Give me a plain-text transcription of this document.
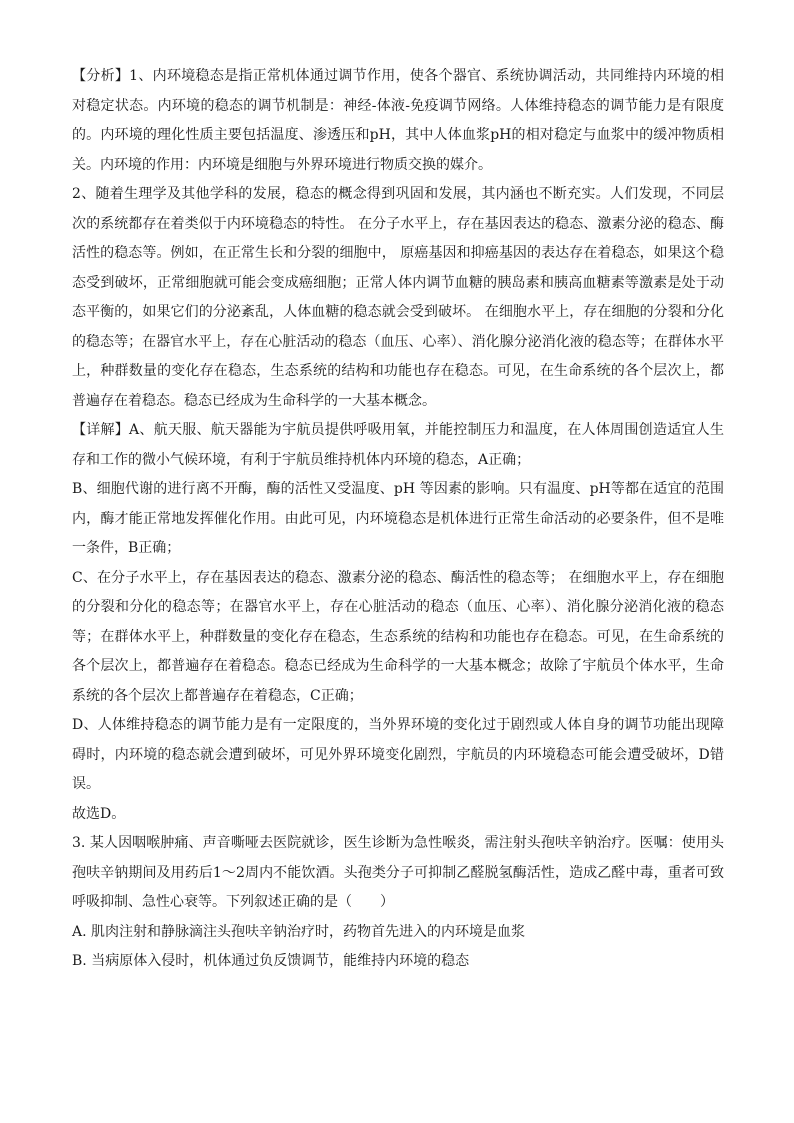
【分析】1、内环境稳态是指正常机体通过调节作用，使各个器官、系统协调活动，共同维持内环境的相对稳定状态。内环境的稳态的调节机制是：神经-体液-免疫调节网络。人体维持稳态的调节能力是有限度的。内环境的理化性质主要包括温度、渗透压和pH，其中人体血浆pH的相对稳定与血浆中的缓冲物质相关。内环境的作用：内环境是细胞与外界环境进行物质交换的媒介。

2、随着生理学及其他学科的发展，稳态的概念得到巩固和发展，其内涵也不断充实。人们发现，不同层次的系统都存在着类似于内环境稳态的特性。 在分子水平上，存在基因表达的稳态、激素分泌的稳态、酶活性的稳态等。例如，在正常生长和分裂的细胞中， 原癌基因和抑癌基因的表达存在着稳态，如果这个稳态受到破坏，正常细胞就可能会变成癌细胞；正常人体内调节血糖的胰岛素和胰高血糖素等激素是处于动态平衡的，如果它们的分泌紊乱，人体血糖的稳态就会受到破坏。 在细胞水平上，存在细胞的分裂和分化的稳态等；在器官水平上，存在心脏活动的稳态（血压、心率）、消化腺分泌消化液的稳态等；在群体水平上，种群数量的变化存在稳态，生态系统的结构和功能也存在稳态。可见，在生命系统的各个层次上，都普遍存在着稳态。稳态已经成为生命科学的一大基本概念。

【详解】A、航天服、航天器能为宇航员提供呼吸用氧，并能控制压力和温度，在人体周围创造适宜人生存和工作的微小气候环境，有利于宇航员维持机体内环境的稳态，A正确；

B、细胞代谢的进行离不开酶，酶的活性又受温度、pH 等因素的影响。只有温度、pH等都在适宜的范围内，酶才能正常地发挥催化作用。由此可见，内环境稳态是机体进行正常生命活动的必要条件，但不是唯一条件，B正确；

C、在分子水平上，存在基因表达的稳态、激素分泌的稳态、酶活性的稳态等； 在细胞水平上，存在细胞的分裂和分化的稳态等；在器官水平上，存在心脏活动的稳态（血压、心率）、消化腺分泌消化液的稳态等；在群体水平上，种群数量的变化存在稳态，生态系统的结构和功能也存在稳态。可见，在生命系统的各个层次上，都普遍存在着稳态。稳态已经成为生命科学的一大基本概念；故除了宇航员个体水平，生命系统的各个层次上都普遍存在着稳态，C正确；

D、人体维持稳态的调节能力是有一定限度的，当外界环境的变化过于剧烈或人体自身的调节功能出现障碍时，内环境的稳态就会遭到破坏，可见外界环境变化剧烈，宇航员的内环境稳态可能会遭受破坏，D错误。

故选D。

3. 某人因咽喉肿痛、声音嘶哑去医院就诊，医生诊断为急性喉炎，需注射头孢呋辛钠治疗。医嘱：使用头孢呋辛钠期间及用药后1～2周内不能饮酒。头孢类分子可抑制乙醛脱氢酶活性，造成乙醛中毒，重者可致呼吸抑制、急性心衰等。下列叙述正确的是（　　）

A. 肌肉注射和静脉滴注头孢呋辛钠治疗时，药物首先进入的内环境是血浆

B. 当病原体入侵时，机体通过负反馈调节，能维持内环境的稳态
